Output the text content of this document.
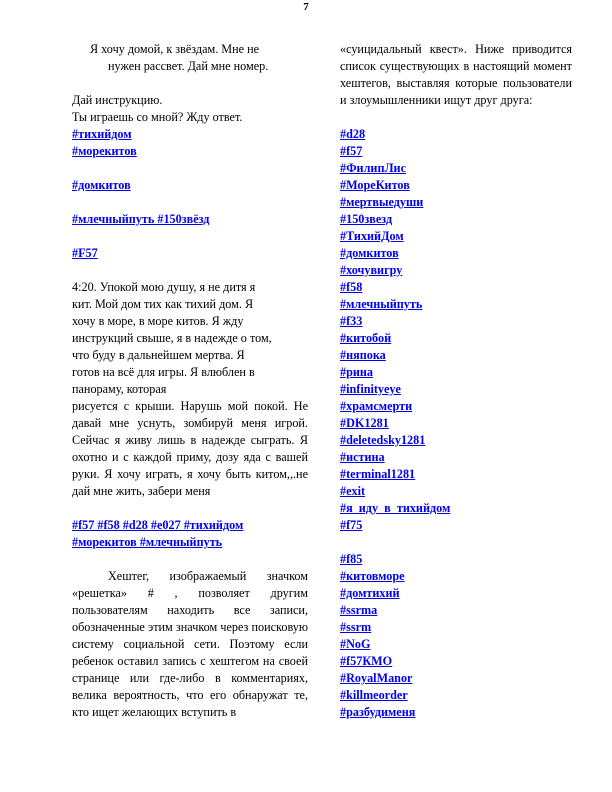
7
Я хочу домой, к звёздам. Мне не
нужен рассвет. Дай мне номер.
Дай инструкцию.
Ты играешь со мной? Жду ответ.
#тихийдом
#морекитов
#домкитов
#млечныйпуть #150звёзд
#F57
4:20. Упокой мою душу, я не дитя я
кит. Мой дом тих как тихий дом. Я
хочу в море, в море китов. Я жду
инструкций свыше, я в надежде о том,
что буду в дальнейшем мертва. Я
готов на всё для игры. Я влюблен в
панораму, которая
рисуется с крыши. Нарушь мой покой. Не давай мне уснуть, зомбируй меня игрой. Сейчас я живу лишь в надежде сыграть. Я охотно и с каждой приму, дозу яда с вашей руки. Я хочу играть, я хочу быть китом,,.не дай мне жить, забери меня
#f57 #f58 #d28 #e027 #тихийдом
#морекитов #млечныйпуть
Хештег, изображаемый значком «решетка» # , позволяет другим пользователям находить все записи, обозначенные этим значком через поисковую систему социальной сети. Поэтому если ребенок оставил запись с хештегом на своей странице или где-либо в комментариях, велика вероятность, что его обнаружат те, кто ищет желающих вступить в
«суицидальный квест». Ниже приводится список существующих в настоящий момент хештегов, выставляя которые пользователи и злоумышленники ищут друг друга:
#d28
#f57
#ФилипЛис
#МореКитов
#мертвыедуши
#150звезд
#ТихийДом
#домкитов
#хочувигру
#f58
#млечныйпуть
#f33
#китобой
#няпока
#рина
#infinityeye
#храмсмерти
#DK1281
#deletedsky1281
#истина
#terminal1281
#exit
#я_иду_в_тихийдом
#f75
#f85
#китовморе
#домтихий
#ssrma
#ssrm
#NoG
#f57КМО
#RoyalManor
#killmeorder
#разбудименя
